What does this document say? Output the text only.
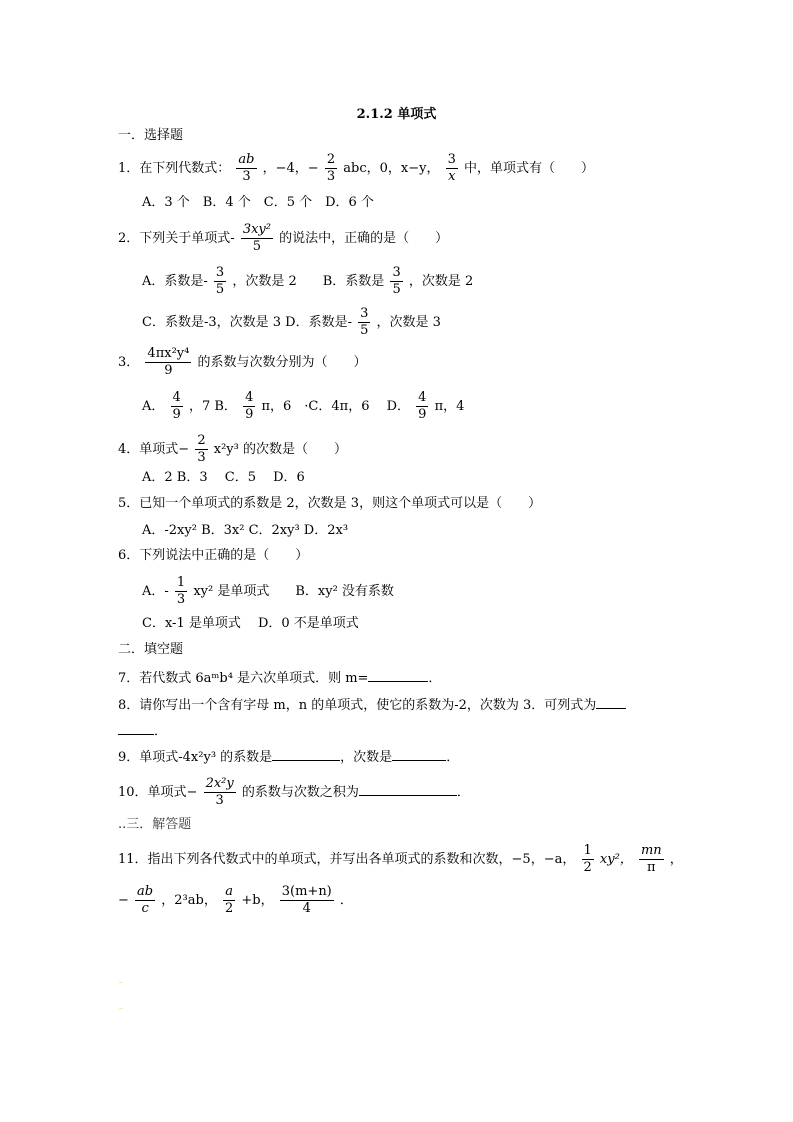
2.1.2 单项式
一．选择题
1．在下列代数式： $\frac{ab}{3}$ ，−4，− $\frac{2}{3}$ abc，0，x−y， $\frac{3}{x}$ 中，单项式有（　　）
A．3 个　B．4 个　C．5 个　D．6 个
2．下列关于单项式- $\frac{\text{3xy²}}{5}$ 的说法中，正确的是（　　）
A．系数是- $\frac{3}{5}$ ，次数是 2　　B．系数是 $\frac{3}{5}$ ，次数是 2
C．系数是-3，次数是 3 D．系数是- $\frac{3}{5}$ ，次数是 3
3． $\frac{\text{4πx²y⁴}}{9}$ 的系数与次数分别为（　　）
A． $\frac{4}{9}$ ，7 B． $\frac{4}{9}$ π，6　·C．4π，6　 D． $\frac{4}{9}$ π，4
4．单项式− $\frac{2}{3} x^2y^3$ 的次数是（　　）
A．2 B．3　 C．5　 D．6
5．已知一个单项式的系数是 2，次数是 3，则这个单项式可以是（　　）
A．-2xy² B．3x² C．2xy³ D．2x³
6．下列说法中正确的是（　　）
A．- $\frac{1}{3} xy^2$ 是单项式　　B．xy² 没有系数
C．x-1 是单项式　 D．0 不是单项式
二．填空题
7．若代数式 6aᵐb⁴ 是六次单项式．则 m=	．
8．请你写出一个含有字母 m，n 的单项式，使它的系数为-2，次数为 3．可列式为
．
9．单项式-4x²y³ 的系数是	，次数是	．
10．单项式− $\frac{\text{2x²y}}{3}$ 的系数与次数之积为	．
..三．解答题
11．指出下列各代数式中的单项式，并写出各单项式的系数和次数，−5，−a， $\frac{1}{2} xy^2$， $\frac{mn}{\pi}$ ，
− $\frac{ab}{c}$ ，2³ab， $\frac{a}{2} +b$， $\frac{3(m+n)}{4}$ ．
‥
‥
